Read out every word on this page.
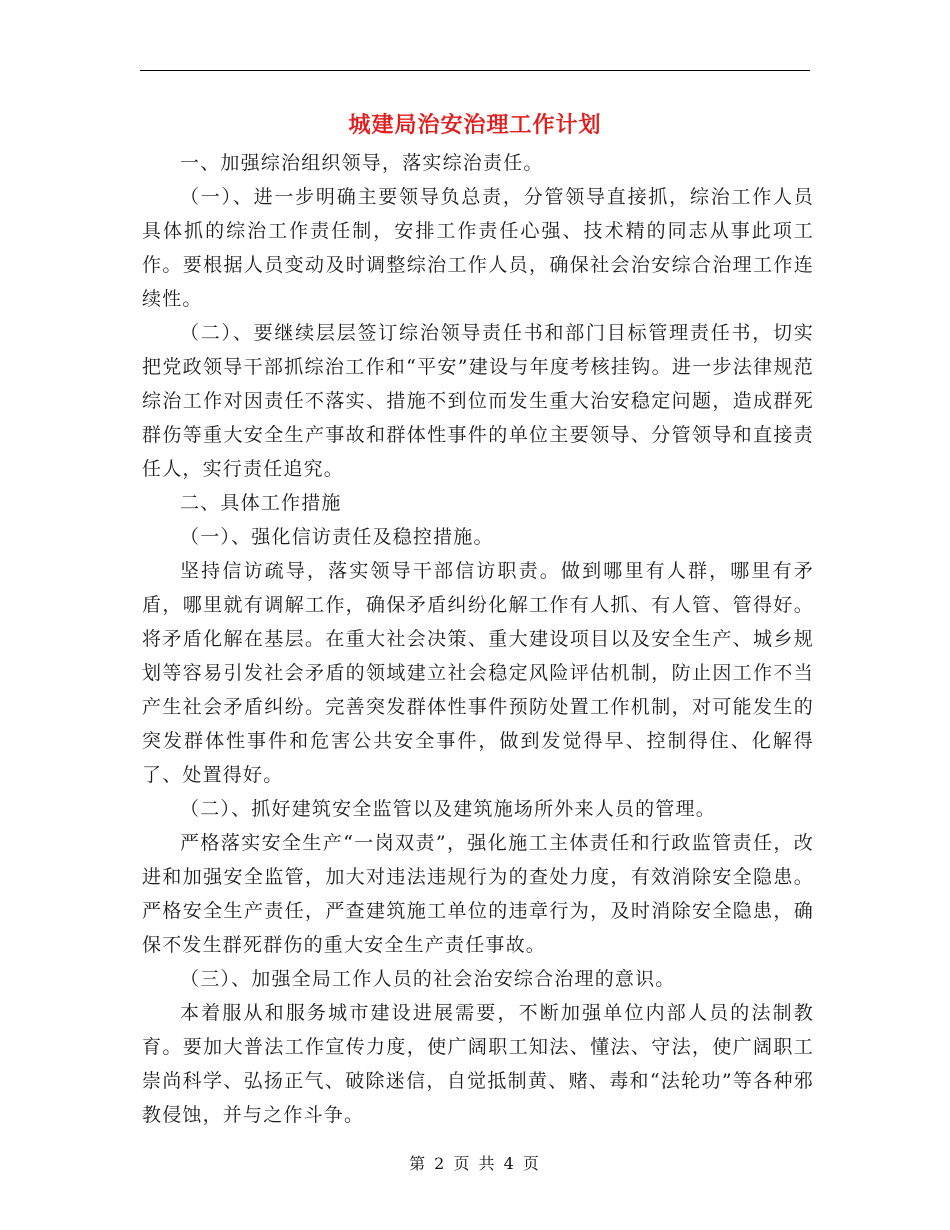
城建局治安治理工作计划

一、加强综治组织领导，落实综治责任。

（一）、进一步明确主要领导负总责，分管领导直接抓，综治工作人员具体抓的综治工作责任制，安排工作责任心强、技术精的同志从事此项工作。要根据人员变动及时调整综治工作人员，确保社会治安综合治理工作连续性。

（二）、要继续层层签订综治领导责任书和部门目标管理责任书，切实把党政领导干部抓综治工作和“平安”建设与年度考核挂钩。进一步法律规范综治工作对因责任不落实、措施不到位而发生重大治安稳定问题，造成群死群伤等重大安全生产事故和群体性事件的单位主要领导、分管领导和直接责任人，实行责任追究。

二、具体工作措施

（一）、强化信访责任及稳控措施。

坚持信访疏导，落实领导干部信访职责。做到哪里有人群，哪里有矛盾，哪里就有调解工作，确保矛盾纠纷化解工作有人抓、有人管、管得好。将矛盾化解在基层。在重大社会决策、重大建设项目以及安全生产、城乡规划等容易引发社会矛盾的领域建立社会稳定风险评估机制，防止因工作不当产生社会矛盾纠纷。完善突发群体性事件预防处置工作机制，对可能发生的突发群体性事件和危害公共安全事件，做到发觉得早、控制得住、化解得了、处置得好。

（二）、抓好建筑安全监管以及建筑施场所外来人员的管理。

严格落实安全生产“一岗双责”，强化施工主体责任和行政监管责任，改进和加强安全监管，加大对违法违规行为的查处力度，有效消除安全隐患。严格安全生产责任，严查建筑施工单位的违章行为，及时消除安全隐患，确保不发生群死群伤的重大安全生产责任事故。

（三）、加强全局工作人员的社会治安综合治理的意识。

本着服从和服务城市建设进展需要，不断加强单位内部人员的法制教育。要加大普法工作宣传力度，使广阔职工知法、懂法、守法，使广阔职工崇尚科学、弘扬正气、破除迷信，自觉抵制黄、赌、毒和“法轮功”等各种邪教侵蚀，并与之作斗争。

第 2 页 共 4 页
